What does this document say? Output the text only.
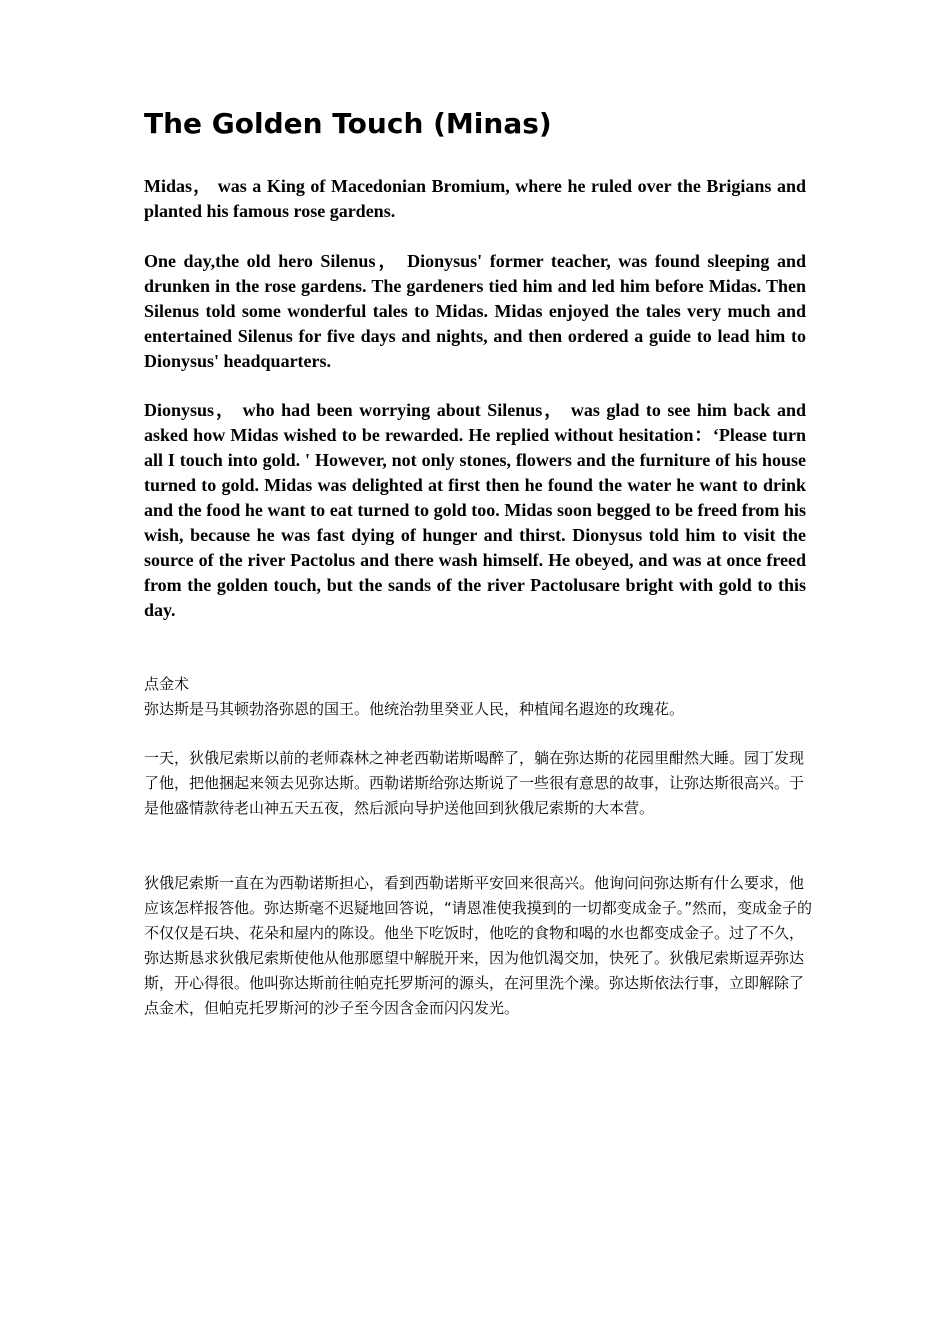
The Golden Touch (Minas)

Midas， was a King of Macedonian Bromium, where he ruled over the Brigians and planted his famous rose gardens.

One day,the old hero Silenus， Dionysus' former teacher, was found sleeping and drunken in the rose gardens. The gardeners tied him and led him before Midas. Then Silenus told some wonderful tales to Midas. Midas enjoyed the tales very much and entertained Silenus for five days and nights, and then ordered a guide to lead him to Dionysus' headquarters.

Dionysus， who had been worrying about Silenus， was glad to see him back and asked how Midas wished to be rewarded. He replied without hesitation：‘Please turn all I touch into gold. ' However, not only stones, flowers and the furniture of his house turned to gold. Midas was delighted at first then he found the water he want to drink and the food he want to eat turned to gold too. Midas soon begged to be freed from his wish, because he was fast dying of hunger and thirst. Dionysus told him to visit the source of the river Pactolus and there wash himself. He obeyed, and was at once freed from the golden touch, but the sands of the river Pactolusare bright with gold to this day.

点金术

弥达斯是马其顿勃洛弥恩的国王。他统治勃里癸亚人民，种植闻名遐迩的玫瑰花。

一天，狄俄尼索斯以前的老师森林之神老西勒诺斯喝醉了，躺在弥达斯的花园里酣然大睡。园丁发现了他，把他捆起来领去见弥达斯。西勒诺斯给弥达斯说了一些很有意思的故事，让弥达斯很高兴。于是他盛情款待老山神五天五夜，然后派向导护送他回到狄俄尼索斯的大本营。

狄俄尼索斯一直在为西勒诺斯担心，看到西勒诺斯平安回来很高兴。他询问问弥达斯有什么要求，他应该怎样报答他。弥达斯毫不迟疑地回答说，“请恩准使我摸到的一切都变成金子。”然而，变成金子的不仅仅是石块、花朵和屋内的陈设。他坐下吃饭时，他吃的食物和喝的水也都变成金子。过了不久，弥达斯恳求狄俄尼索斯使他从他那愿望中解脱开来，因为他饥渴交加，快死了。狄俄尼索斯逗弄弥达斯，开心得很。他叫弥达斯前往帕克托罗斯河的源头，在河里洗个澡。弥达斯依法行事，立即解除了点金术，但帕克托罗斯河的沙子至今因含金而闪闪发光。
